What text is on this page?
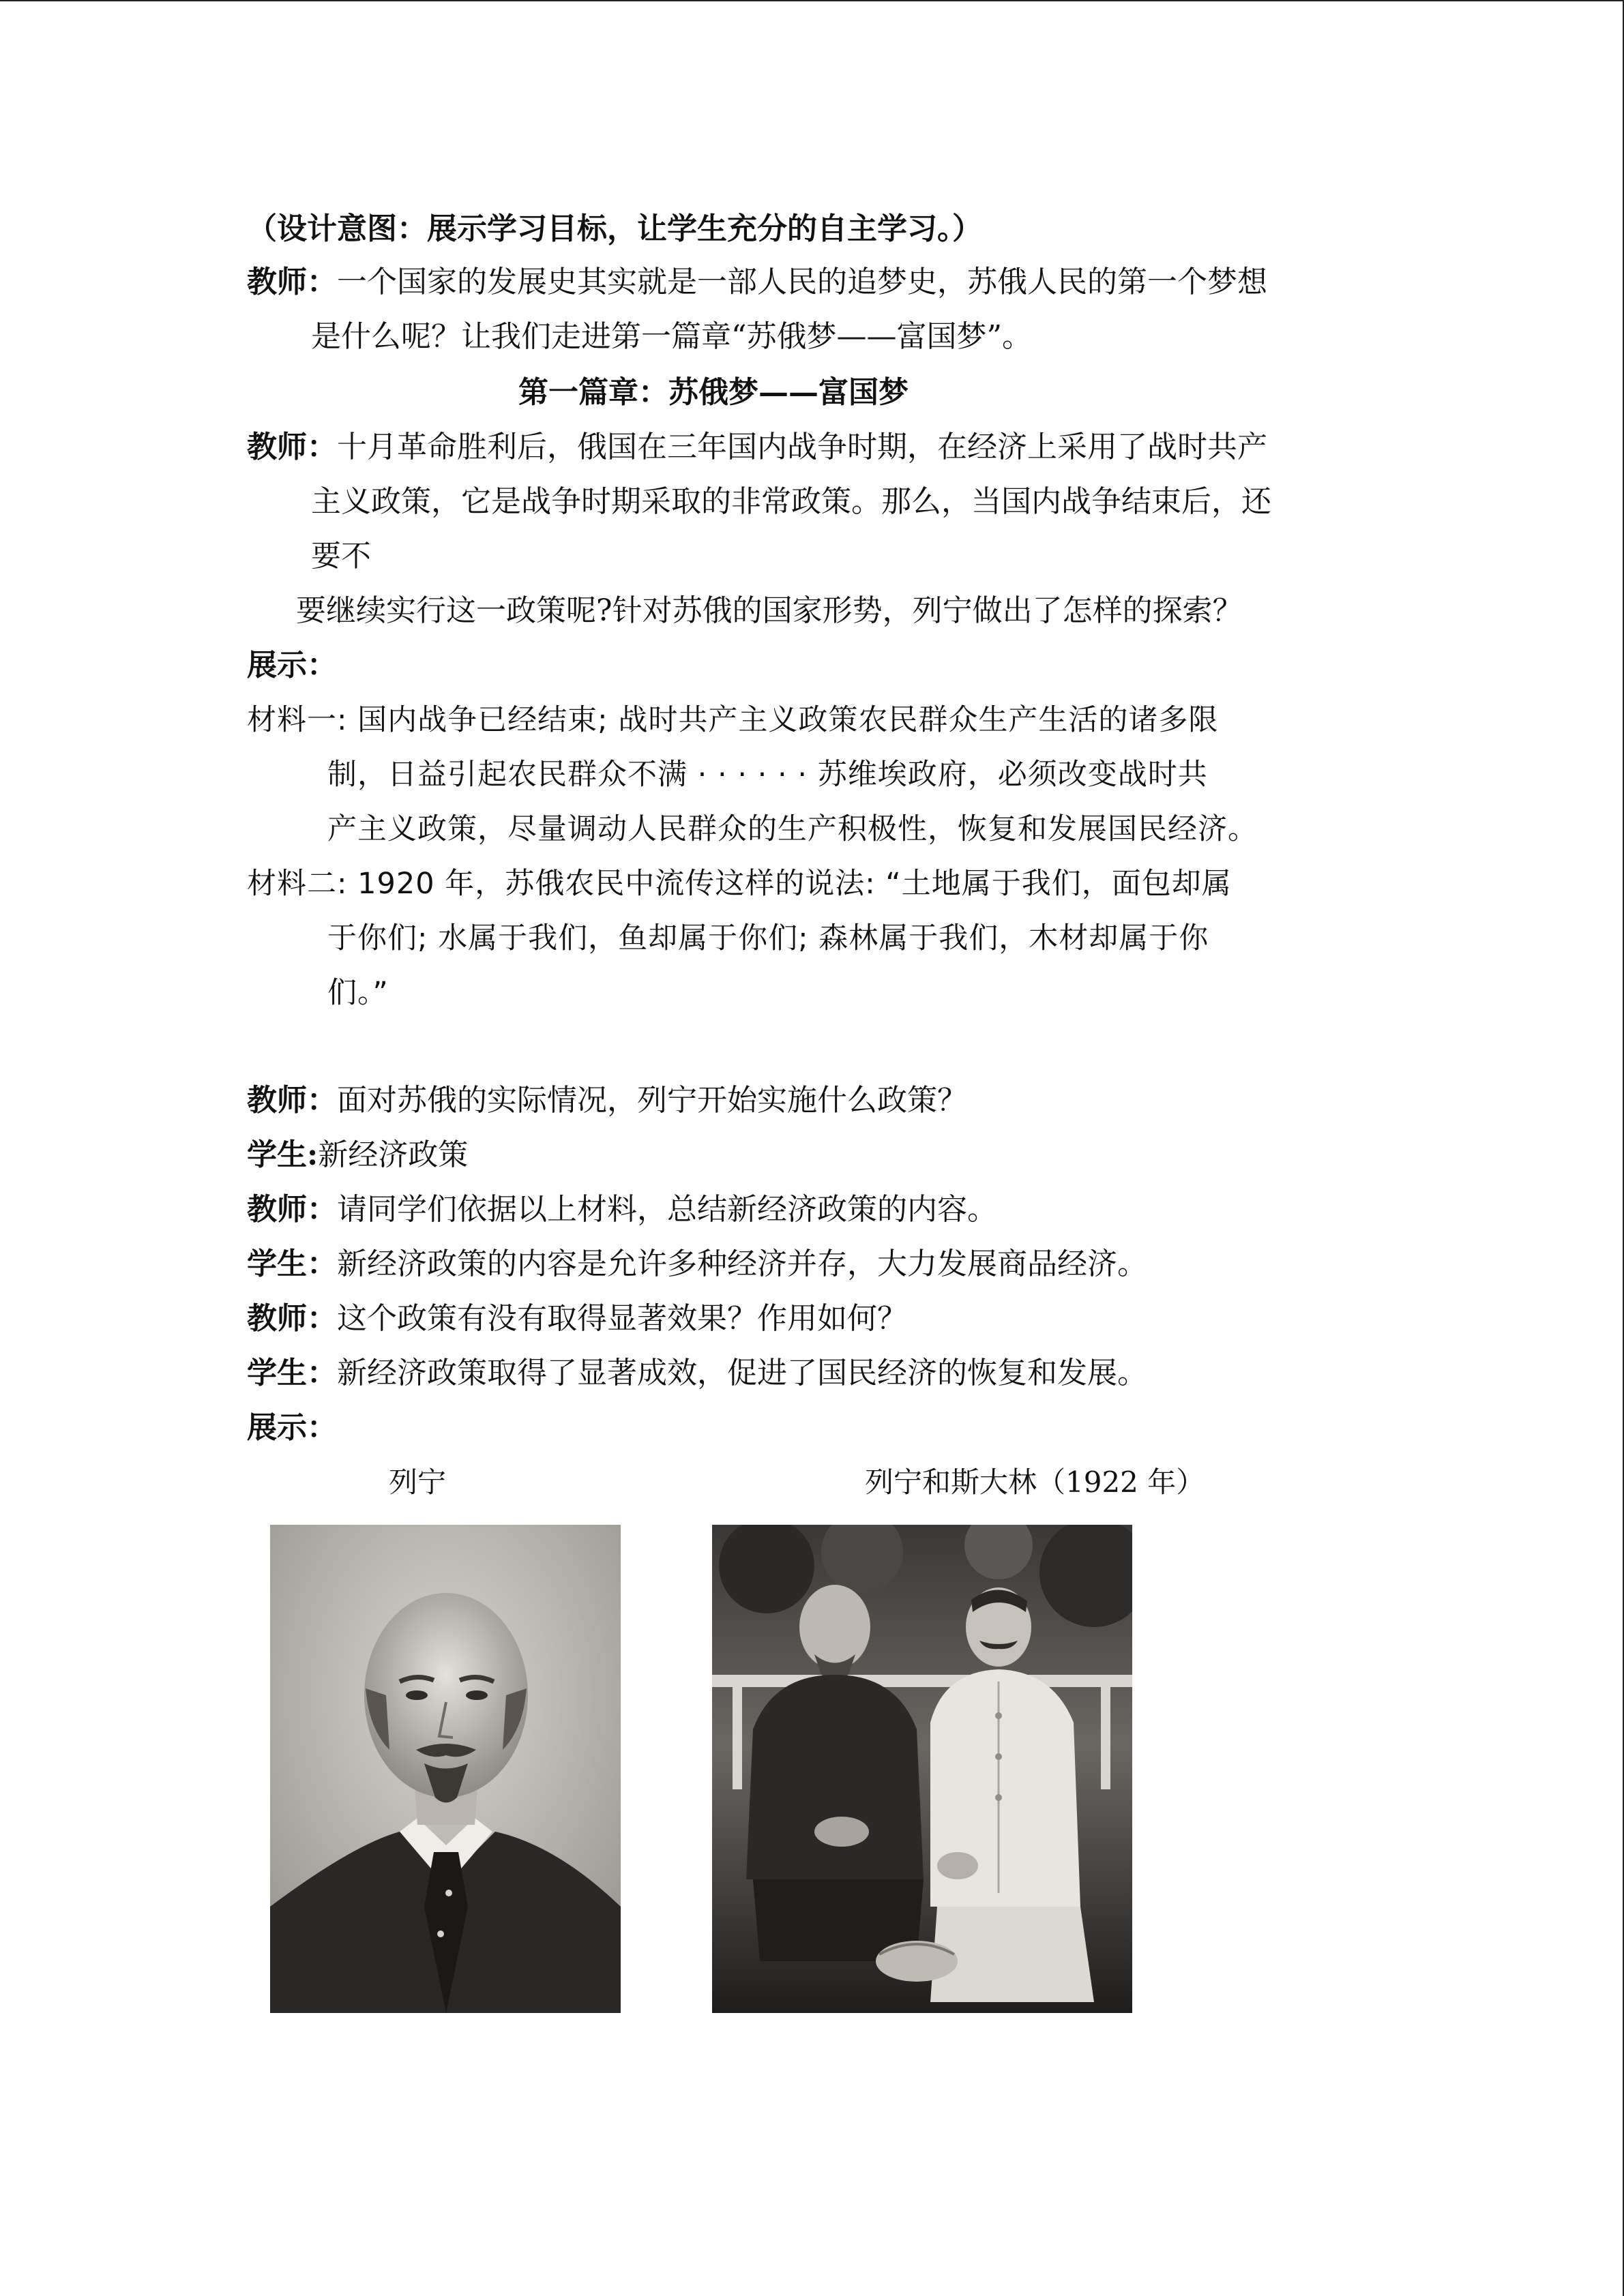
（设计意图：展示学习目标，让学生充分的自主学习。）
教师：一个国家的发展史其实就是一部人民的追梦史，苏俄人民的第一个梦想
是什么呢？让我们走进第一篇章“苏俄梦——富国梦”。
第一篇章：苏俄梦——富国梦
教师：十月革命胜利后，俄国在三年国内战争时期，在经济上采用了战时共产
主义政策，它是战争时期采取的非常政策。那么，当国内战争结束后，还
要不
要继续实行这一政策呢?针对苏俄的国家形势，列宁做出了怎样的探索？
展示：
材料一: 国内战争已经结束; 战时共产主义政策农民群众生产生活的诸多限
制，日益引起农民群众不满 · · · · · · 苏维埃政府，必须改变战时共
产主义政策，尽量调动人民群众的生产积极性，恢复和发展国民经济。
材料二: 1920 年，苏俄农民中流传这样的说法: “土地属于我们，面包却属
于你们; 水属于我们，鱼却属于你们; 森林属于我们，木材却属于你
们。”
教师：面对苏俄的实际情况，列宁开始实施什么政策？
学生:新经济政策
教师：请同学们依据以上材料，总结新经济政策的内容。
学生：新经济政策的内容是允许多种经济并存，大力发展商品经济。
教师：这个政策有没有取得显著效果？作用如何？
学生：新经济政策取得了显著成效，促进了国民经济的恢复和发展。
展示：
列宁	列宁和斯大林（1922 年）
